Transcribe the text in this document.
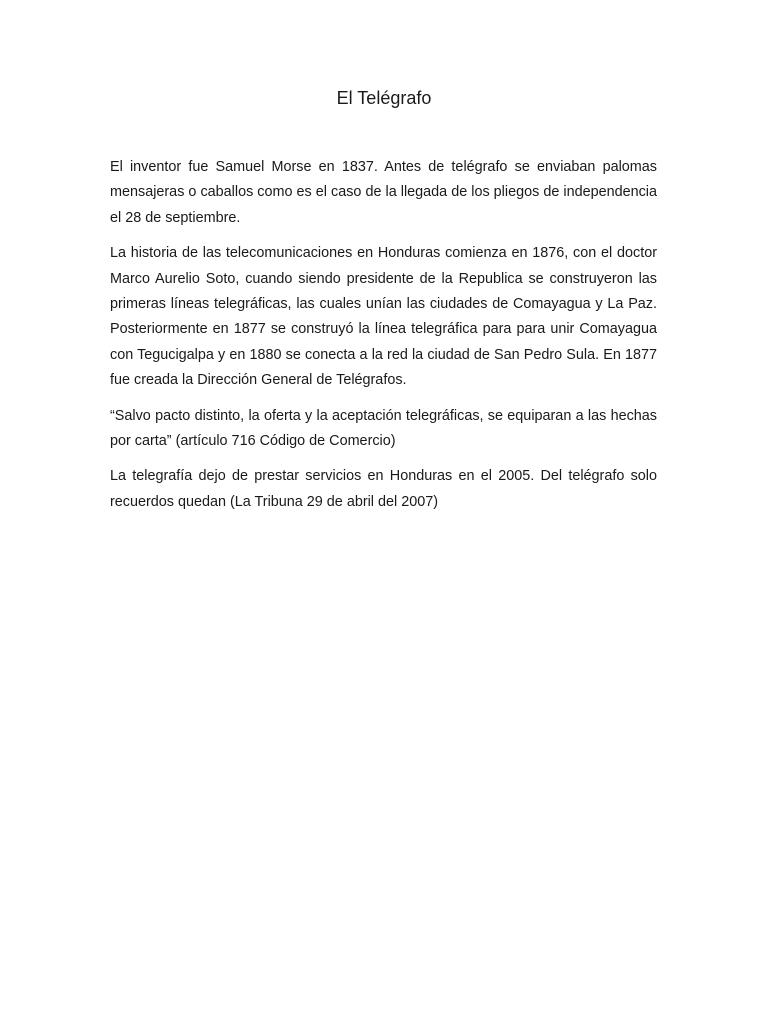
El Telégrafo

El inventor fue Samuel Morse en 1837. Antes de telégrafo se enviaban palomas mensajeras o caballos como es el caso de la llegada de los pliegos de independencia el 28 de septiembre.

La historia de las telecomunicaciones en Honduras comienza en 1876, con el doctor Marco Aurelio Soto, cuando siendo presidente de la Republica se construyeron las primeras líneas telegráficas, las cuales unían las ciudades de Comayagua y La Paz. Posteriormente en 1877 se construyó la línea telegráfica para para unir Comayagua con Tegucigalpa y en 1880 se conecta a la red la ciudad de San Pedro Sula. En 1877 fue creada la Dirección General de Telégrafos.

“Salvo pacto distinto, la oferta y la aceptación telegráficas, se equiparan a las hechas por carta” (artículo 716 Código de Comercio)

La telegrafía dejo de prestar servicios en Honduras en el 2005. Del telégrafo solo recuerdos quedan (La Tribuna 29 de abril del 2007)
